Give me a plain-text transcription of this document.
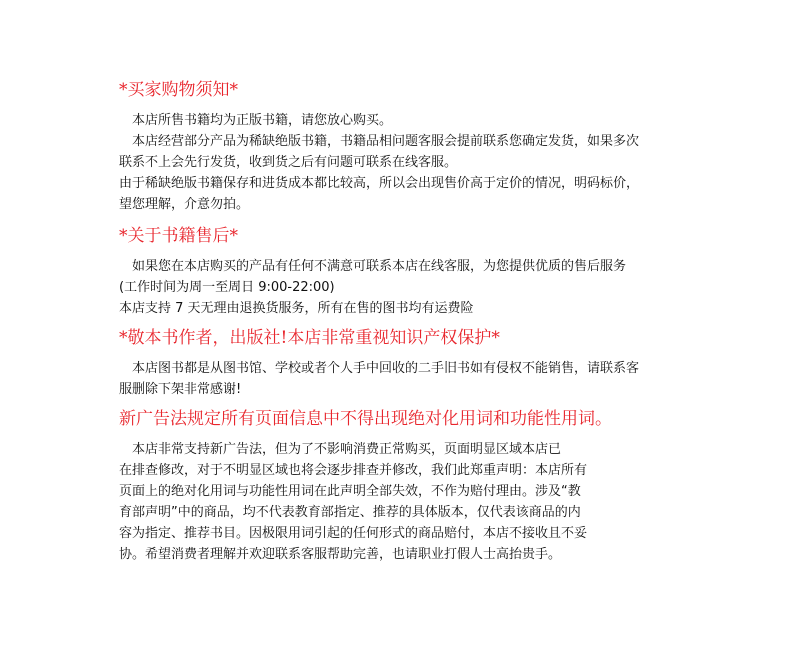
*买家购物须知*
　本店所售书籍均为正版书籍，请您放心购买。
　本店经营部分产品为稀缺绝版书籍，书籍品相问题客服会提前联系您确定发货，如果多次
联系不上会先行发货，收到货之后有问题可联系在线客服。
由于稀缺绝版书籍保存和进货成本都比较高，所以会出现售价高于定价的情况，明码标价，
望您理解，介意勿拍。
*关于书籍售后*
　如果您在本店购买的产品有任何不满意可联系本店在线客服，为您提供优质的售后服务
(工作时间为周一至周日 9:00-22:00)
本店支持 7 天无理由退换货服务，所有在售的图书均有运费险
*敬本书作者，出版社!本店非常重视知识产权保护*
　本店图书都是从图书馆、学校或者个人手中回收的二手旧书如有侵权不能销售，请联系客
服删除下架非常感谢!
新广告法规定所有页面信息中不得出现绝对化用词和功能性用词。
　本店非常支持新广告法，但为了不影响消费正常购买，页面明显区域本店已
在排查修改，对于不明显区域也将会逐步排查并修改，我们此郑重声明：本店所有
页面上的绝对化用词与功能性用词在此声明全部失效，不作为赔付理由。涉及“教
育部声明”中的商品，均不代表教育部指定、推荐的具体版本，仅代表该商品的内
容为指定、推荐书目。因极限用词引起的任何形式的商品赔付，本店不接收且不妥
协。希望消费者理解并欢迎联系客服帮助完善，也请职业打假人士高抬贵手。
